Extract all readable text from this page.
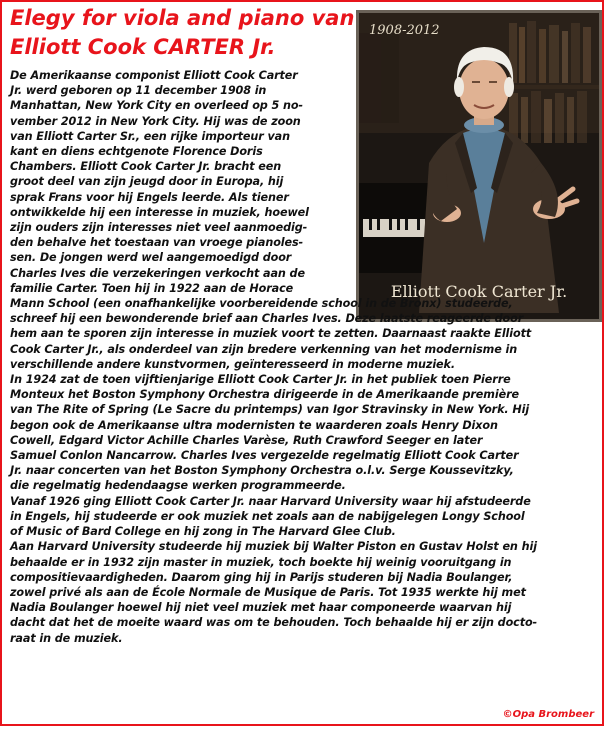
Elegy for viola and piano van
Elliott Cook CARTER Jr.
1908-2012
Elliott Cook Carter Jr.

De Amerikaanse componist Elliott Cook Carter
Jr. werd geboren op 11 december 1908 in
Manhattan, New York City en overleed op 5 no-
vember 2012 in New York City. Hij was de zoon
van Elliott Carter Sr., een rijke importeur van
kant en diens echtgenote Florence Doris
Chambers. Elliott Cook Carter Jr. bracht een
groot deel van zijn jeugd door in Europa, hij
sprak Frans voor hij Engels leerde. Als tiener
ontwikkelde hij een interesse in muziek, hoewel
zijn ouders zijn interesses niet veel aanmoedig-
den behalve het toestaan van vroege pianoles-
sen. De jongen werd wel aangemoedigd door
Charles Ives die verzekeringen verkocht aan de
familie Carter. Toen hij in 1922 aan de Horace
Mann School (een onafhankelijke voorbereidende school in de Bronx) studeerde,
schreef hij een bewonderende brief aan Charles Ives. Deze laatste reageerde door
hem aan te sporen zijn interesse in muziek voort te zetten. Daarnaast raakte Elliott
Cook Carter Jr., als onderdeel van zijn bredere verkenning van het modernisme in
verschillende andere kunstvormen, geïnteresseerd in moderne muziek.
In 1924 zat de toen vijftienjarige Elliott Cook Carter Jr. in het publiek toen Pierre
Monteux het Boston Symphony Orchestra dirigeerde in de Amerikaande première
van The Rite of Spring (Le Sacre du printemps) van Igor Stravinsky in New York. Hij
begon ook de Amerikaanse ultra modernisten te waarderen zoals Henry Dixon
Cowell, Edgard Victor Achille Charles Varèse, Ruth Crawford Seeger en later
Samuel Conlon Nancarrow. Charles Ives vergezelde regelmatig Elliott Cook Carter
Jr. naar concerten van het Boston Symphony Orchestra o.l.v. Serge Koussevitzky,
die regelmatig hedendaagse werken programmeerde.
Vanaf 1926 ging Elliott Cook Carter Jr. naar Harvard University waar hij afstudeerde
in Engels, hij studeerde er ook muziek net zoals aan de nabijgelegen Longy School
of Music of Bard College en hij zong in The Harvard Glee Club.
Aan Harvard University studeerde hij muziek bij Walter Piston en Gustav Holst en hij
behaalde er in 1932 zijn master in muziek, toch boekte hij weinig vooruitgang in
compositievaardigheden. Daarom ging hij in Parijs studeren bij Nadia Boulanger,
zowel privé als aan de École Normale de Musique de Paris. Tot 1935 werkte hij met
Nadia Boulanger hoewel hij niet veel muziek met haar componeerde waarvan hij
dacht dat het de moeite waard was om te behouden. Toch behaalde hij er zijn docto-
raat in de muziek.

©Opa Brombeer
